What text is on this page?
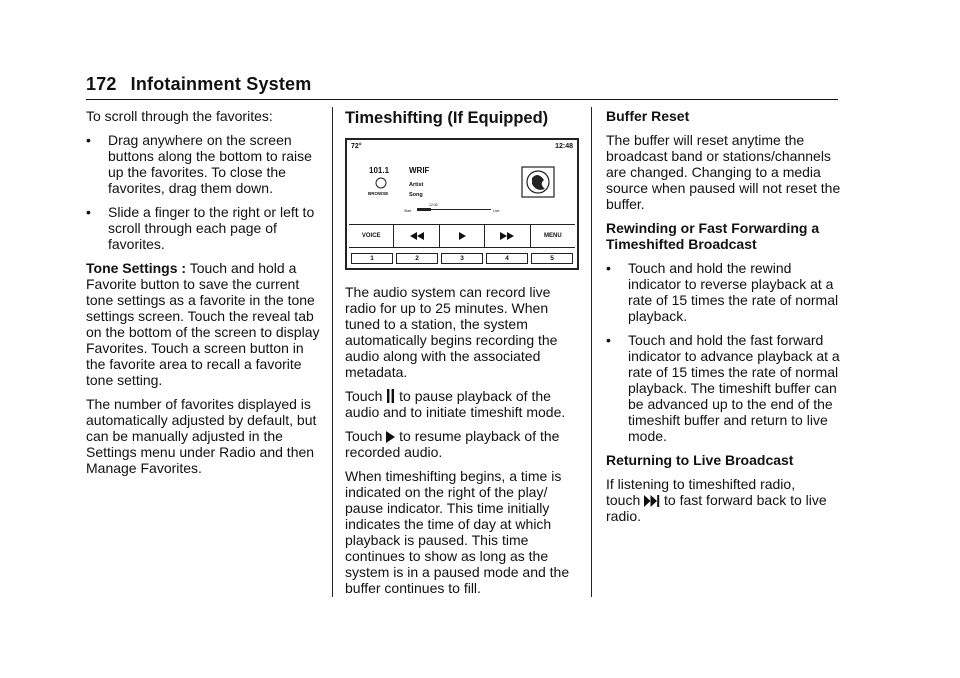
172 Infotainment System

To scroll through the favorites:

• Drag anywhere on the screen buttons along the bottom to raise up the favorites. To close the favorites, drag them down.
• Slide a finger to the right or left to scroll through each page of favorites.

Tone Settings : Touch and hold a Favorite button to save the current tone settings as a favorite in the tone settings screen. Touch the reveal tab on the bottom of the screen to display Favorites. Touch a screen button in the favorite area to recall a favorite tone setting.

The number of favorites displayed is automatically adjusted by default, but can be manually adjusted in the Settings menu under Radio and then Manage Favorites.

Timeshifting (If Equipped)
72°	12:48
101.1
BROWSE
WRIF
Artist
Song
12:30
Start	Live
VOICE	MENU
1	2	3	4	5

The audio system can record live radio for up to 25 minutes. When tuned to a station, the system automatically begins recording the audio along with the associated metadata.

Touch to pause playback of the audio and to initiate timeshift mode.

Touch to resume playback of the recorded audio.

When timeshifting begins, a time is indicated on the right of the play/ pause indicator. This time initially indicates the time of day at which playback is paused. This time continues to show as long as the system is in a paused mode and the buffer continues to fill.

Buffer Reset

The buffer will reset anytime the broadcast band or stations/channels are changed. Changing to a media source when paused will not reset the buffer.

Rewinding or Fast Forwarding a Timeshifted Broadcast

• Touch and hold the rewind indicator to reverse playback at a rate of 15 times the rate of normal playback.
• Touch and hold the fast forward indicator to advance playback at a rate of 15 times the rate of normal playback. The timeshift buffer can be advanced up to the end of the timeshift buffer and return to live mode.

Returning to Live Broadcast

If listening to timeshifted radio,
touch to fast forward back to live radio.
